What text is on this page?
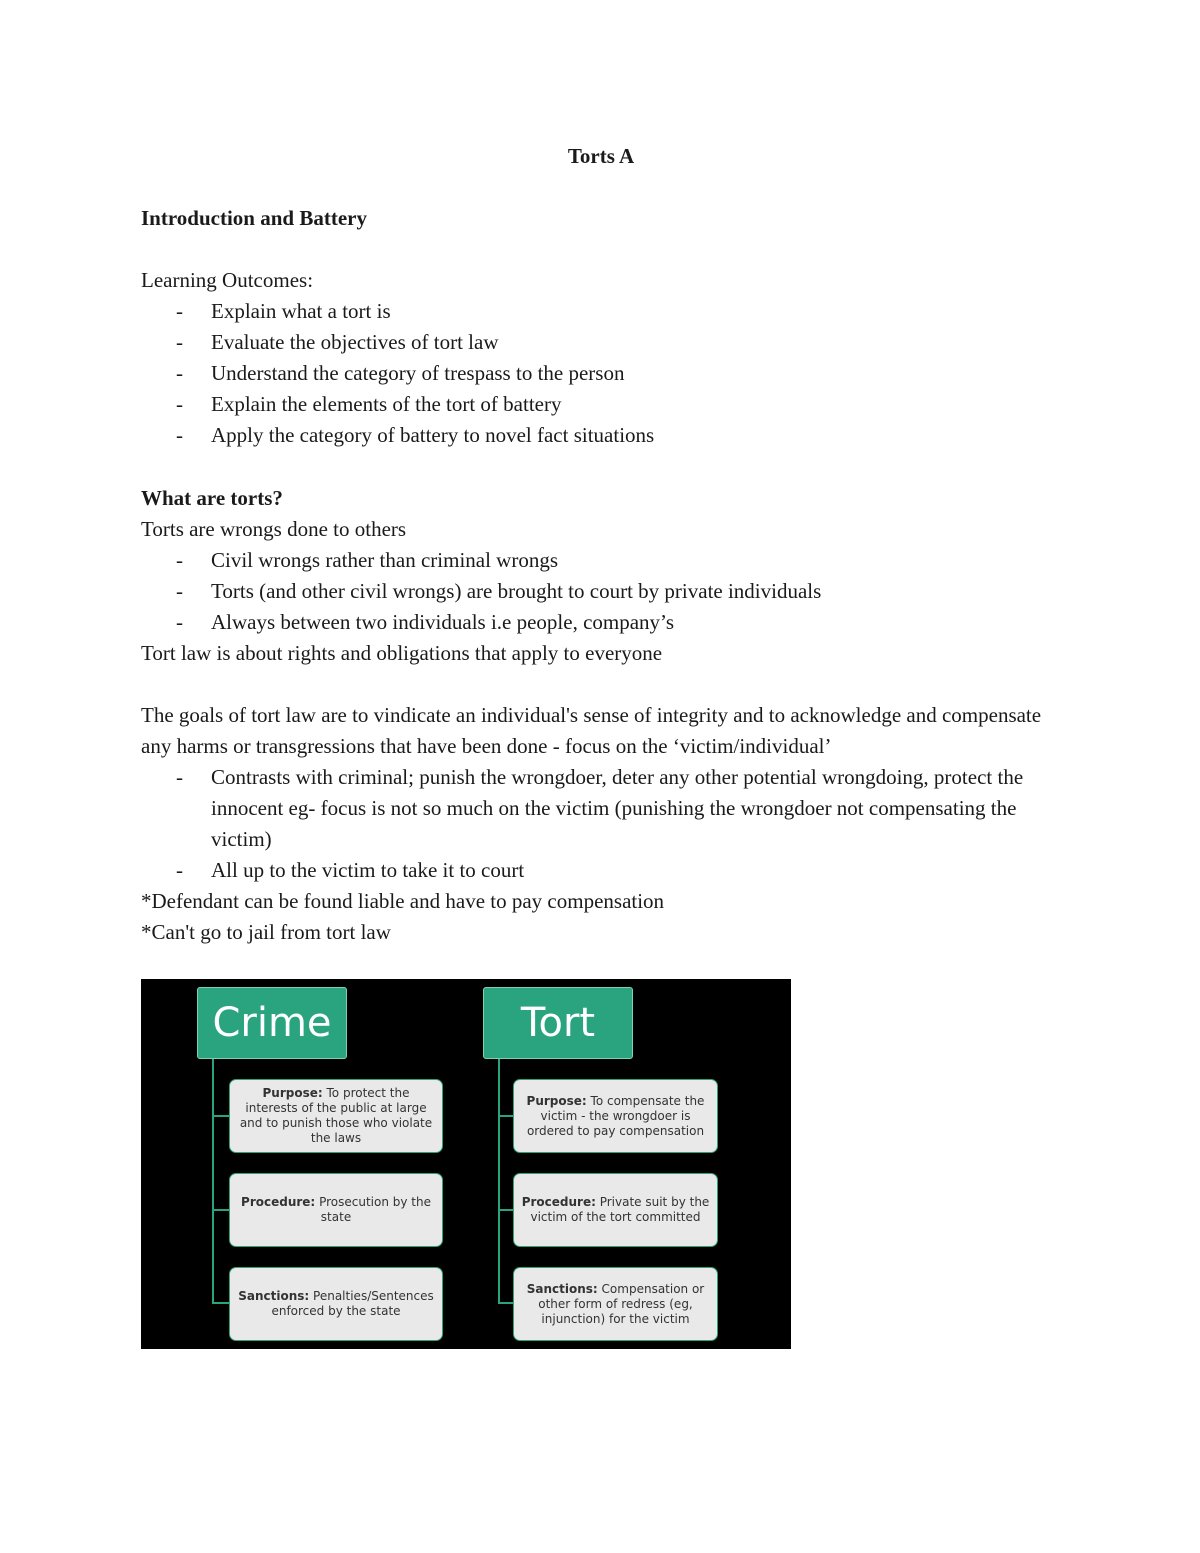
Torts A

Introduction and Battery

Learning Outcomes:

- Explain what a tort is
- Evaluate the objectives of tort law
- Understand the category of trespass to the person
- Explain the elements of the tort of battery
- Apply the category of battery to novel fact situations

What are torts?

Torts are wrongs done to others

- Civil wrongs rather than criminal wrongs
- Torts (and other civil wrongs) are brought to court by private individuals
- Always between two individuals i.e people, company’s

Tort law is about rights and obligations that apply to everyone

The goals of tort law are to vindicate an individual's sense of integrity and to acknowledge and compensate any harms or transgressions that have been done - focus on the ‘victim/individual’

- Contrasts with criminal; punish the wrongdoer, deter any other potential wrongdoing, protect the innocent eg- focus is not so much on the victim (punishing the wrongdoer not compensating the victim)
- All up to the victim to take it to court

*Defendant can be found liable and have to pay compensation

*Can't go to jail from tort law

Crime
Purpose: To protect the interests of the public at large and to punish those who violate the laws
Procedure: Prosecution by the state
Sanctions: Penalties/Sentences enforced by the state
Tort
Purpose: To compensate the victim - the wrongdoer is ordered to pay compensation
Procedure: Private suit by the victim of the tort committed
Sanctions: Compensation or other form of redress (eg, injunction) for the victim
